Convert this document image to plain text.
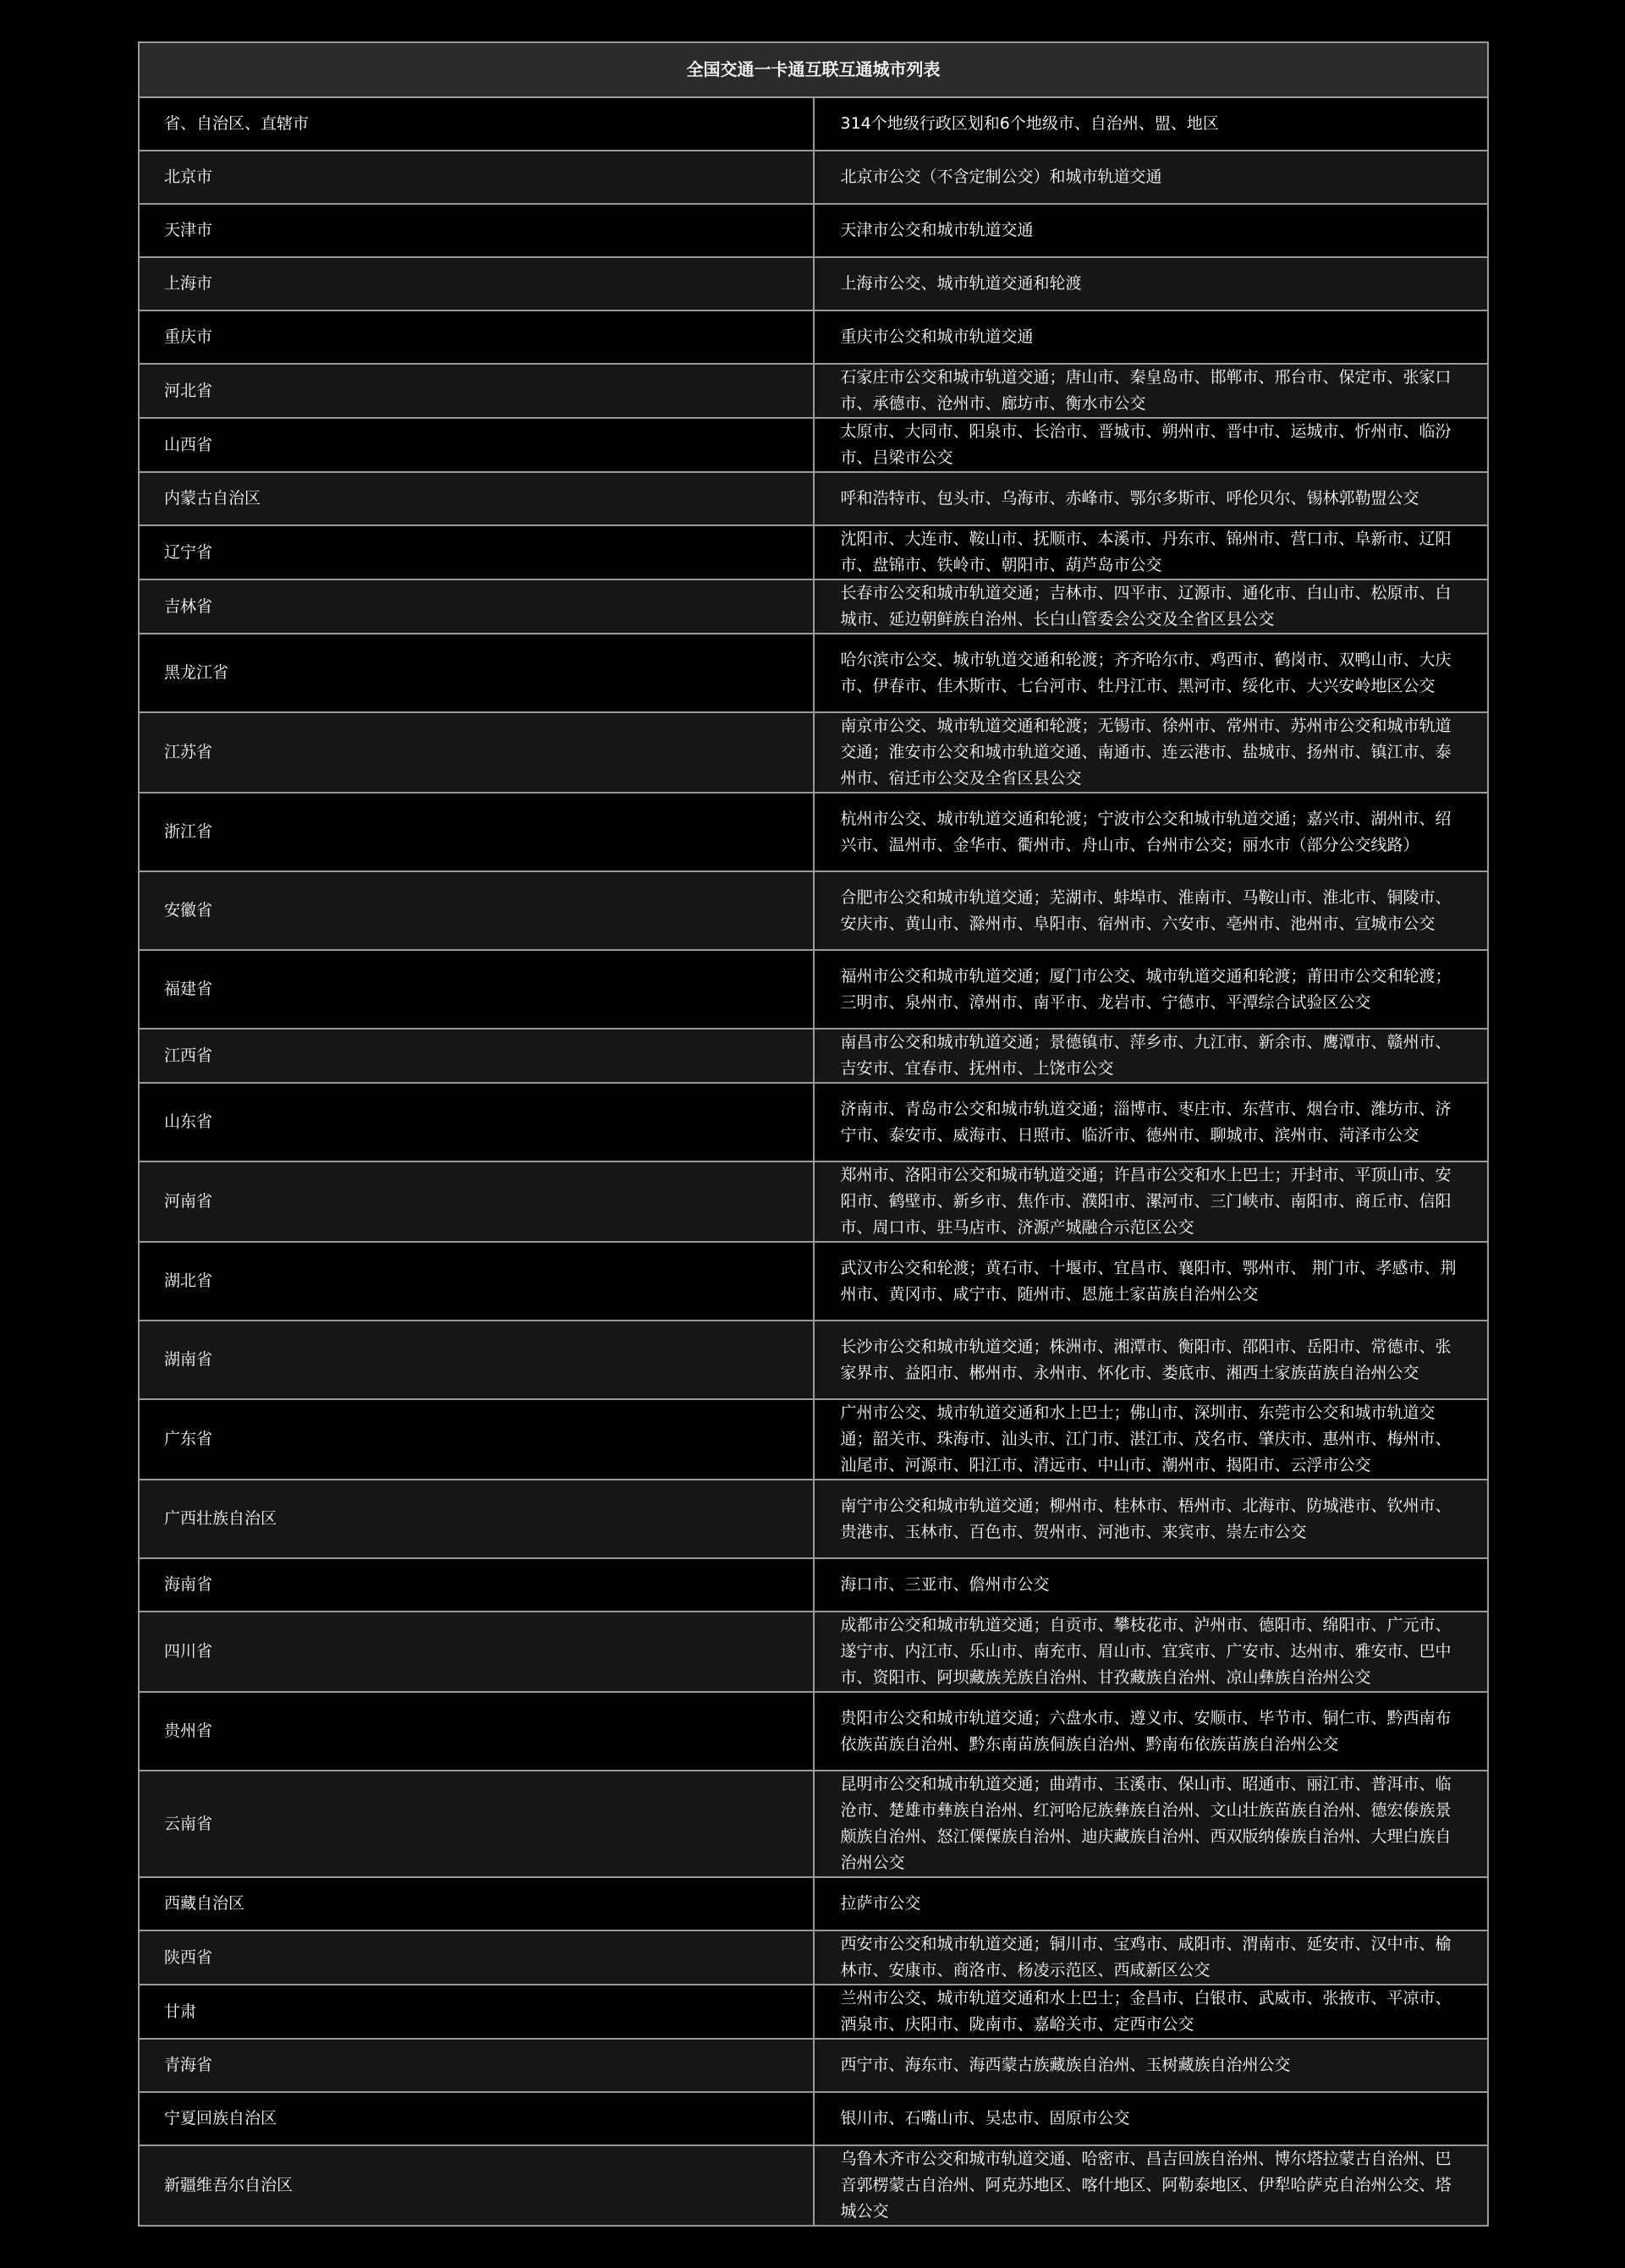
全国交通一卡通互联互通城市列表	
省、自治区、直辖市	314个地级行政区划和6个地级市、自治州、盟、地区
北京市	北京市公交（不含定制公交）和城市轨道交通
天津市	天津市公交和城市轨道交通
上海市	上海市公交、城市轨道交通和轮渡
重庆市	重庆市公交和城市轨道交通
河北省	石家庄市公交和城市轨道交通；唐山市、秦皇岛市、邯郸市、邢台市、保定市、张家口市、承德市、沧州市、廊坊市、衡水市公交
山西省	太原市、大同市、阳泉市、长治市、晋城市、朔州市、晋中市、运城市、忻州市、临汾市、吕梁市公交
内蒙古自治区	呼和浩特市、包头市、乌海市、赤峰市、鄂尔多斯市、呼伦贝尔、锡林郭勒盟公交
辽宁省	沈阳市、大连市、鞍山市、抚顺市、本溪市、丹东市、锦州市、营口市、阜新市、辽阳市、盘锦市、铁岭市、朝阳市、葫芦岛市公交
吉林省	长春市公交和城市轨道交通；吉林市、四平市、辽源市、通化市、白山市、松原市、白城市、延边朝鲜族自治州、长白山管委会公交及全省区县公交
黑龙江省	哈尔滨市公交、城市轨道交通和轮渡；齐齐哈尔市、鸡西市、鹤岗市、双鸭山市、大庆市、伊春市、佳木斯市、七台河市、牡丹江市、黑河市、绥化市、大兴安岭地区公交
江苏省	南京市公交、城市轨道交通和轮渡；无锡市、徐州市、常州市、苏州市公交和城市轨道交通；淮安市公交和城市轨道交通、南通市、连云港市、盐城市、扬州市、镇江市、泰州市、宿迁市公交及全省区县公交
浙江省	杭州市公交、城市轨道交通和轮渡；宁波市公交和城市轨道交通；嘉兴市、湖州市、绍兴市、温州市、金华市、衢州市、舟山市、台州市公交；丽水市（部分公交线路）
安徽省	合肥市公交和城市轨道交通；芜湖市、蚌埠市、淮南市、马鞍山市、淮北市、铜陵市、安庆市、黄山市、滁州市、阜阳市、宿州市、六安市、亳州市、池州市、宣城市公交
福建省	福州市公交和城市轨道交通；厦门市公交、城市轨道交通和轮渡；莆田市公交和轮渡；三明市、泉州市、漳州市、南平市、龙岩市、宁德市、平潭综合试验区公交
江西省	南昌市公交和城市轨道交通；景德镇市、萍乡市、九江市、新余市、鹰潭市、赣州市、吉安市、宜春市、抚州市、上饶市公交
山东省	济南市、青岛市公交和城市轨道交通；淄博市、枣庄市、东营市、烟台市、潍坊市、济宁市、泰安市、威海市、日照市、临沂市、德州市、聊城市、滨州市、菏泽市公交
河南省	郑州市、洛阳市公交和城市轨道交通；许昌市公交和水上巴士；开封市、平顶山市、安阳市、鹤壁市、新乡市、焦作市、濮阳市、漯河市、三门峡市、南阳市、商丘市、信阳市、周口市、驻马店市、济源产城融合示范区公交
湖北省	武汉市公交和轮渡；黄石市、十堰市、宜昌市、襄阳市、鄂州市、 荆门市、孝感市、荆州市、黄冈市、咸宁市、随州市、恩施土家苗族自治州公交
湖南省	长沙市公交和城市轨道交通；株洲市、湘潭市、衡阳市、邵阳市、岳阳市、常德市、张家界市、益阳市、郴州市、永州市、怀化市、娄底市、湘西土家族苗族自治州公交
广东省	广州市公交、城市轨道交通和水上巴士；佛山市、深圳市、东莞市公交和城市轨道交通；韶关市、珠海市、汕头市、江门市、湛江市、茂名市、肇庆市、惠州市、梅州市、汕尾市、河源市、阳江市、清远市、中山市、潮州市、揭阳市、云浮市公交
广西壮族自治区	南宁市公交和城市轨道交通；柳州市、桂林市、梧州市、北海市、防城港市、钦州市、贵港市、玉林市、百色市、贺州市、河池市、来宾市、崇左市公交
海南省	海口市、三亚市、儋州市公交
四川省	成都市公交和城市轨道交通；自贡市、攀枝花市、泸州市、德阳市、绵阳市、广元市、遂宁市、内江市、乐山市、南充市、眉山市、宜宾市、广安市、达州市、雅安市、巴中市、资阳市、阿坝藏族羌族自治州、甘孜藏族自治州、凉山彝族自治州公交
贵州省	贵阳市公交和城市轨道交通；六盘水市、遵义市、安顺市、毕节市、铜仁市、黔西南布依族苗族自治州、黔东南苗族侗族自治州、黔南布依族苗族自治州公交
云南省	昆明市公交和城市轨道交通；曲靖市、玉溪市、保山市、昭通市、丽江市、普洱市、临沧市、楚雄市彝族自治州、红河哈尼族彝族自治州、文山壮族苗族自治州、德宏傣族景颇族自治州、怒江傈僳族自治州、迪庆藏族自治州、西双版纳傣族自治州、大理白族自治州公交
西藏自治区	拉萨市公交
陕西省	西安市公交和城市轨道交通；铜川市、宝鸡市、咸阳市、渭南市、延安市、汉中市、榆林市、安康市、商洛市、杨凌示范区、西咸新区公交
甘肃	兰州市公交、城市轨道交通和水上巴士；金昌市、白银市、武威市、张掖市、平凉市、酒泉市、庆阳市、陇南市、嘉峪关市、定西市公交
青海省	西宁市、海东市、海西蒙古族藏族自治州、玉树藏族自治州公交
宁夏回族自治区	银川市、石嘴山市、吴忠市、固原市公交
新疆维吾尔自治区	乌鲁木齐市公交和城市轨道交通、哈密市、昌吉回族自治州、博尔塔拉蒙古自治州、巴音郭楞蒙古自治州、阿克苏地区、喀什地区、阿勒泰地区、伊犁哈萨克自治州公交、塔城公交
